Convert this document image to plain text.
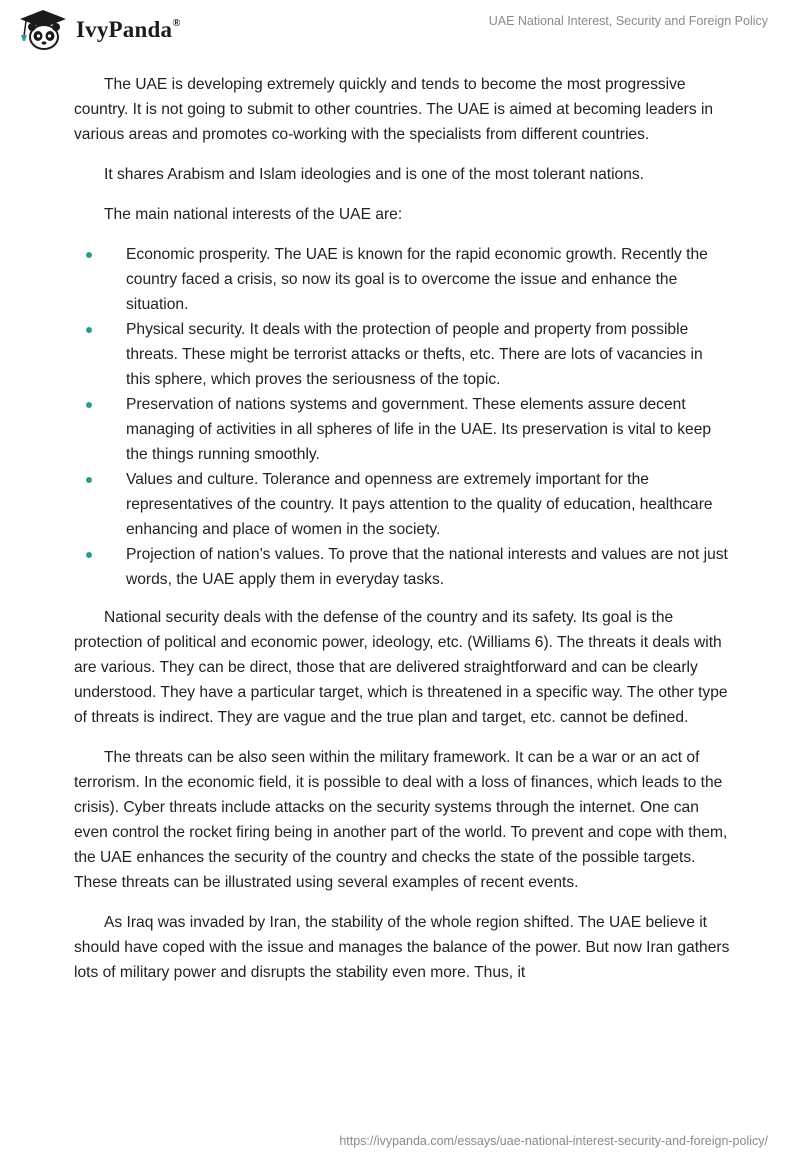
IvyPanda®	UAE National Interest, Security and Foreign Policy

The UAE is developing extremely quickly and tends to become the most progressive country. It is not going to submit to other countries. The UAE is aimed at becoming leaders in various areas and promotes co-working with the specialists from different countries.

It shares Arabism and Islam ideologies and is one of the most tolerant nations.

The main national interests of the UAE are:

Economic prosperity. The UAE is known for the rapid economic growth. Recently the country faced a crisis, so now its goal is to overcome the issue and enhance the situation.
Physical security. It deals with the protection of people and property from possible threats. These might be terrorist attacks or thefts, etc. There are lots of vacancies in this sphere, which proves the seriousness of the topic.
Preservation of nations systems and government. These elements assure decent managing of activities in all spheres of life in the UAE. Its preservation is vital to keep the things running smoothly.
Values and culture. Tolerance and openness are extremely important for the representatives of the country. It pays attention to the quality of education, healthcare enhancing and place of women in the society.
Projection of nation’s values. To prove that the national interests and values are not just words, the UAE apply them in everyday tasks.

National security deals with the defense of the country and its safety. Its goal is the protection of political and economic power, ideology, etc. (Williams 6). The threats it deals with are various. They can be direct, those that are delivered straightforward and can be clearly understood. They have a particular target, which is threatened in a specific way. The other type of threats is indirect. They are vague and the true plan and target, etc. cannot be defined.

The threats can be also seen within the military framework. It can be a war or an act of terrorism. In the economic field, it is possible to deal with a loss of finances, which leads to the crisis). Cyber threats include attacks on the security systems through the internet. One can even control the rocket firing being in another part of the world. To prevent and cope with them, the UAE enhances the security of the country and checks the state of the possible targets. These threats can be illustrated using several examples of recent events.

As Iraq was invaded by Iran, the stability of the whole region shifted. The UAE believe it should have coped with the issue and manages the balance of the power. But now Iran gathers lots of military power and disrupts the stability even more. Thus, it

https://ivypanda.com/essays/uae-national-interest-security-and-foreign-policy/
